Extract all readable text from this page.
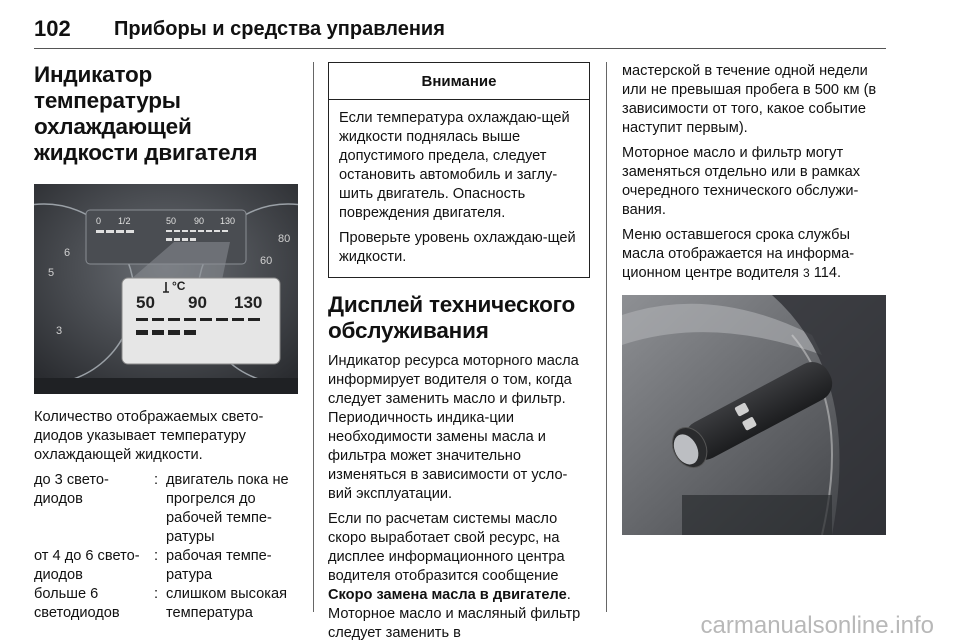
102 Приборы и средства управления
Индикатор температуры охлаждающей жидкости двигателя
5
6
3
60
80
0 1/2	50 90 130
50 90 130
°C

Количество отображаемых свето-диодов указывает температуру охлаждающей жидкости.

до 3 свето-диодов
: двигатель пока не прогрелся до рабочей темпе-ратуры
от 4 до 6 свето-диодов
: рабочая темпе-ратура
больше 6 светодиодов
: слишком высокая температура
Внимание

Если температура охлаждаю-щей жидкости поднялась выше допустимого предела, следует остановить автомобиль и заглу-шить двигатель. Опасность повреждения двигателя.

Проверьте уровень охлаждаю-щей жидкости.

Дисплей технического обслуживания

Индикатор ресурса моторного масла информирует водителя о том, когда следует заменить масло и фильтр. Периодичность индика-ции необходимости замены масла и фильтра может значительно изменяться в зависимости от усло-вий эксплуатации.

Если по расчетам системы масло скоро выработает свой ресурс, на дисплее информационного центра водителя отобразится сообщение Скоро замена масла в двигателе. Моторное масло и масляный фильтр следует заменить в

мастерской в течение одной недели или не превышая пробега в 500 км (в зависимости от того, какое событие наступит первым).

Моторное масло и фильтр могут заменяться отдельно или в рамках очередного технического обслужи-вания.

Меню оставшегося срока службы масла отображается на информа-ционном центре водителя 3 114.

carmanualsonline.info
